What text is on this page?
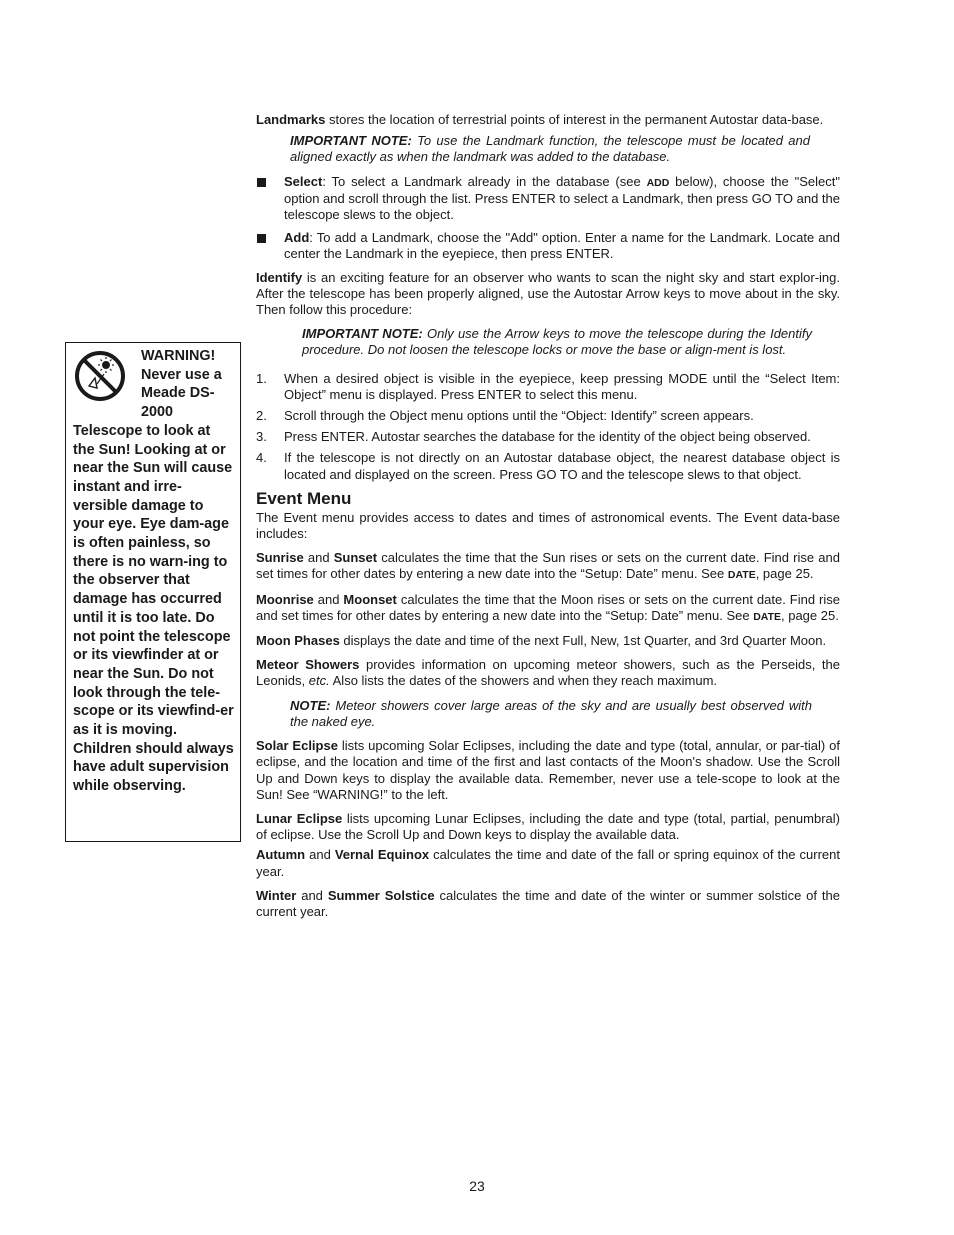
Landmarks stores the location of terrestrial points of interest in the permanent Autostar data-base.

IMPORTANT NOTE: To use the Landmark function, the telescope must be located and aligned exactly as when the landmark was added to the database.

Select: To select a Landmark already in the database (see ADD below), choose the "Select" option and scroll through the list. Press ENTER to select a Landmark, then press GO TO and the telescope slews to the object.
Add: To add a Landmark, choose the "Add" option. Enter a name for the Landmark. Locate and center the Landmark in the eyepiece, then press ENTER.

Identify is an exciting feature for an observer who wants to scan the night sky and start explor-ing. After the telescope has been properly aligned, use the Autostar Arrow keys to move about in the sky. Then follow this procedure:

IMPORTANT NOTE: Only use the Arrow keys to move the telescope during the Identify procedure. Do not loosen the telescope locks or move the base or align-ment is lost.

1. When a desired object is visible in the eyepiece, keep pressing MODE until the “Select Item: Object” menu is displayed. Press ENTER to select this menu.
2. Scroll through the Object menu options until the “Object: Identify” screen appears.
3. Press ENTER. Autostar searches the database for the identity of the object being observed.
4. If the telescope is not directly on an Autostar database object, the nearest database object is located and displayed on the screen. Press GO TO and the telescope slews to that object.
Event Menu

The Event menu provides access to dates and times of astronomical events. The Event data-base includes:

Sunrise and Sunset calculates the time that the Sun rises or sets on the current date. Find rise and set times for other dates by entering a new date into the “Setup: Date” menu. See DATE, page 25.

Moonrise and Moonset calculates the time that the Moon rises or sets on the current date. Find rise and set times for other dates by entering a new date into the “Setup: Date” menu. See DATE, page 25.

Moon Phases displays the date and time of the next Full, New, 1st Quarter, and 3rd Quarter Moon.

Meteor Showers provides information on upcoming meteor showers, such as the Perseids, the Leonids, etc. Also lists the dates of the showers and when they reach maximum.

NOTE: Meteor showers cover large areas of the sky and are usually best observed with the naked eye.

Solar Eclipse lists upcoming Solar Eclipses, including the date and type (total, annular, or par-tial) of eclipse, and the location and time of the first and last contacts of the Moon's shadow. Use the Scroll Up and Down keys to display the available data. Remember, never use a tele-scope to look at the Sun! See “WARNING!” to the left.

Lunar Eclipse lists upcoming Lunar Eclipses, including the date and type (total, partial, penumbral) of eclipse. Use the Scroll Up and Down keys to display the available data.

Autumn and Vernal Equinox calculates the time and date of the fall or spring equinox of the current year.

Winter and Summer Solstice calculates the time and date of the winter or summer solstice of the current year.

WARNING! Never use a Meade DS-2000 Telescope to look at the Sun! Looking at or near the Sun will cause instant and irre-versible damage to your eye. Eye dam-age is often painless, so there is no warn-ing to the observer that damage has occurred until it is too late. Do not point the telescope or its viewfinder at or near the Sun. Do not look through the tele-scope or its viewfind-er as it is moving. Children should always have adult supervision while observing.
23
